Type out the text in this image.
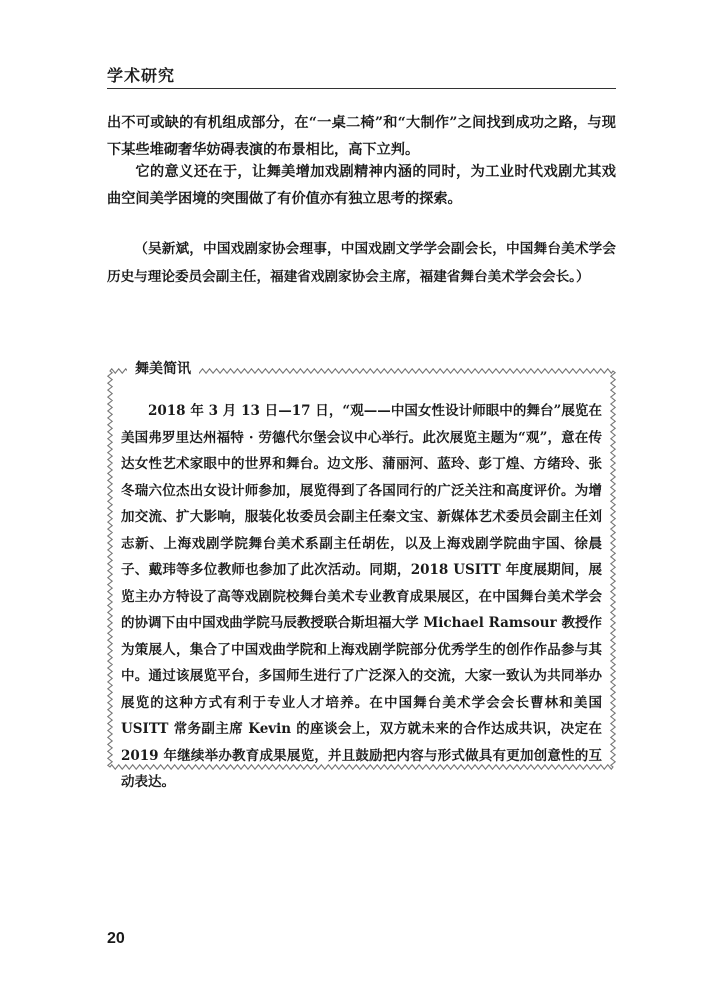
学术研究

出不可或缺的有机组成部分，在“一桌二椅”和“大制作”之间找到成功之路，与现下某些堆砌奢华妨碍表演的布景相比，高下立判。

它的意义还在于，让舞美增加戏剧精神内涵的同时，为工业时代戏剧尤其戏曲空间美学困境的突围做了有价值亦有独立思考的探索。

（吴新斌，中国戏剧家协会理事，中国戏剧文学学会副会长，中国舞台美术学会历史与理论委员会副主任，福建省戏剧家协会主席，福建省舞台美术学会会长。）

舞美简讯

2018 年 3 月 13 日—17 日，“观——中国女性设计师眼中的舞台”展览在美国弗罗里达州福特 · 劳德代尔堡会议中心举行。此次展览主题为“观”，意在传达女性艺术家眼中的世界和舞台。边文彤、蒲丽河、蓝玲、彭丁煌、方绪玲、张冬瑞六位杰出女设计师参加，展览得到了各国同行的广泛关注和高度评价。为增加交流、扩大影响，服装化妆委员会副主任秦文宝、新媒体艺术委员会副主任刘志新、上海戏剧学院舞台美术系副主任胡佐，以及上海戏剧学院曲宇国、徐晨子、戴玮等多位教师也参加了此次活动。同期，2018 USITT 年度展期间，展览主办方特设了高等戏剧院校舞台美术专业教育成果展区，在中国舞台美术学会的协调下由中国戏曲学院马辰教授联合斯坦福大学 Michael Ramsour 教授作为策展人，集合了中国戏曲学院和上海戏剧学院部分优秀学生的创作作品参与其中。通过该展览平台，多国师生进行了广泛深入的交流，大家一致认为共同举办展览的这种方式有利于专业人才培养。在中国舞台美术学会会长曹林和美国 USITT 常务副主席 Kevin 的座谈会上，双方就未来的合作达成共识，决定在 2019 年继续举办教育成果展览，并且鼓励把内容与形式做具有更加创意性的互动表达。

20
